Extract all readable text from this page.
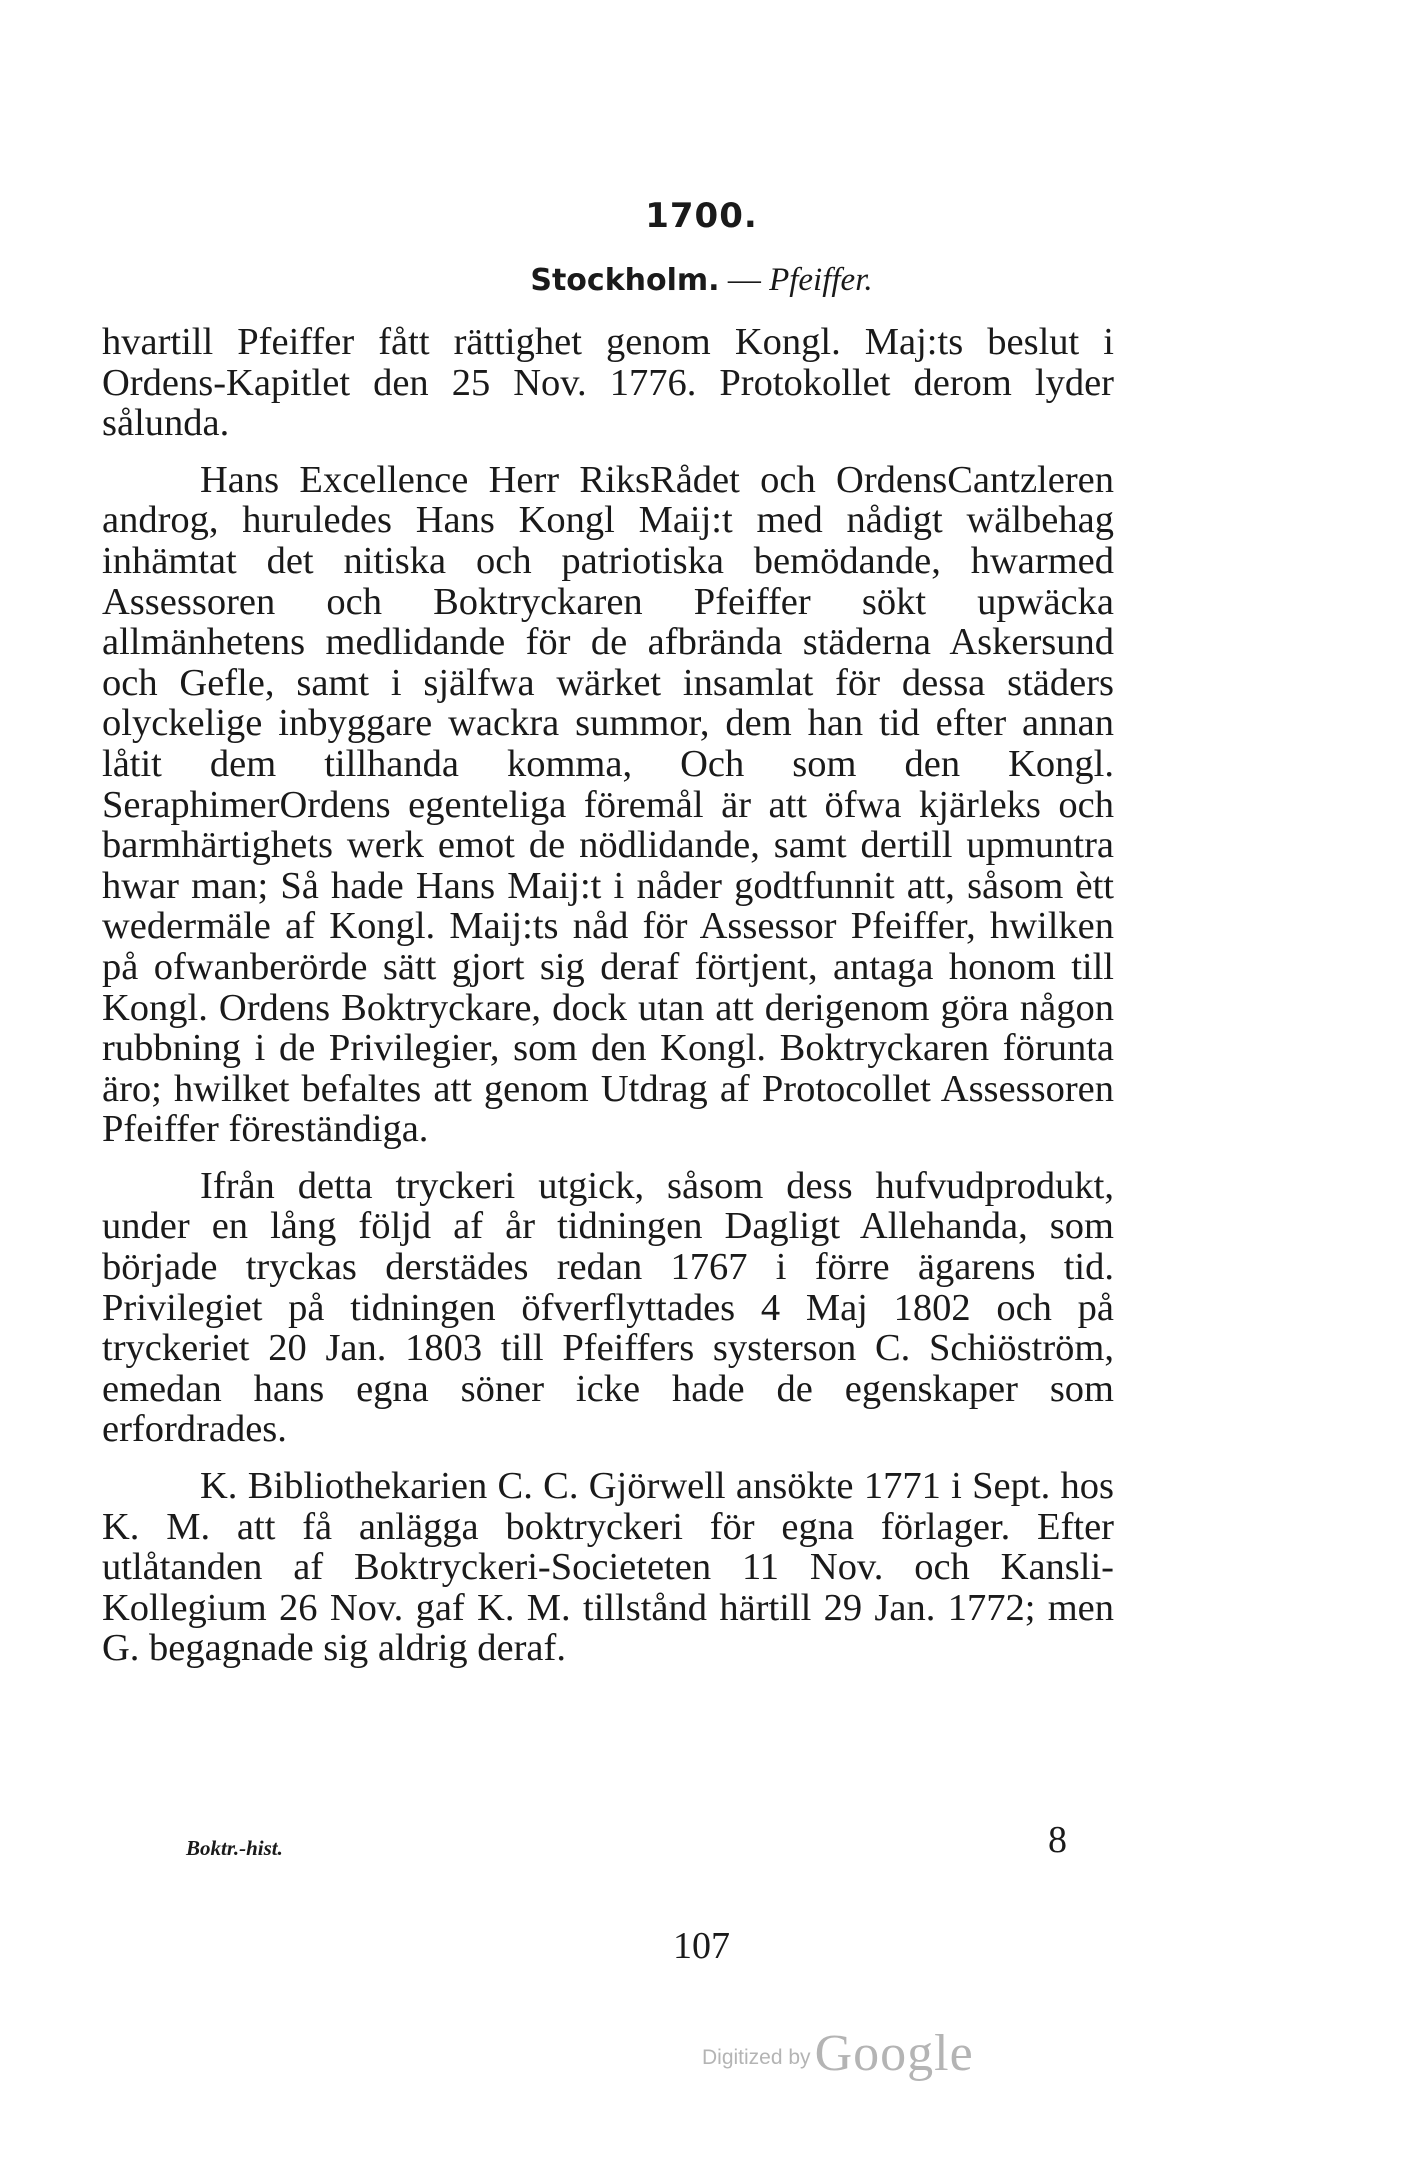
1700.
Stockholm. — Pfeiffer.

hvartill Pfeiffer fått rättighet genom Kongl. Maj:ts beslut i Ordens-Kapitlet den 25 Nov. 1776. Protokollet derom lyder sålunda.

Hans Excellence Herr RiksRådet och OrdensCantzleren androg, huruledes Hans Kongl Maij:t med nådigt wälbehag inhämtat det nitiska och patriotiska bemödande, hwarmed Assessoren och Boktryckaren Pfeiffer sökt upwäcka allmänhetens medlidande för de afbrända städerna Askersund och Gefle, samt i själfwa wärket insamlat för dessa städers olyckelige inbyggare wackra summor, dem han tid efter annan låtit dem tillhanda komma, Och som den Kongl. SeraphimerOrdens egenteliga föremål är att öfwa kjärleks och barmhärtighets werk emot de nödlidande, samt dertill upmuntra hwar man; Så hade Hans Maij:t i nåder godtfunnit att, såsom ètt wedermäle af Kongl. Maij:ts nåd för Assessor Pfeiffer, hwilken på ofwanberörde sätt gjort sig deraf förtjent, antaga honom till Kongl. Ordens Boktryckare, dock utan att derigenom göra någon rubbning i de Privilegier, som den Kongl. Boktryckaren förunta äro; hwilket befaltes att genom Utdrag af Protocollet Assessoren Pfeiffer föreständiga.

Ifrån detta tryckeri utgick, såsom dess hufvudprodukt, under en lång följd af år tidningen Dagligt Allehanda, som började tryckas derstädes redan 1767 i förre ägarens tid. Privilegiet på tidningen öfverflyttades 4 Maj 1802 och på tryckeriet 20 Jan. 1803 till Pfeiffers systerson C. Schiöström, emedan hans egna söner icke hade de egenskaper som erfordrades.

K. Bibliothekarien C. C. Gjörwell ansökte 1771 i Sept. hos K. M. att få anlägga boktryckeri för egna förlager. Efter utlåtanden af Boktryckeri-Societeten 11 Nov. och Kansli-Kollegium 26 Nov. gaf K. M. tillstånd härtill 29 Jan. 1772; men G. begagnade sig aldrig deraf.

Boktr.-hist.	8
107
Digitized by Google
